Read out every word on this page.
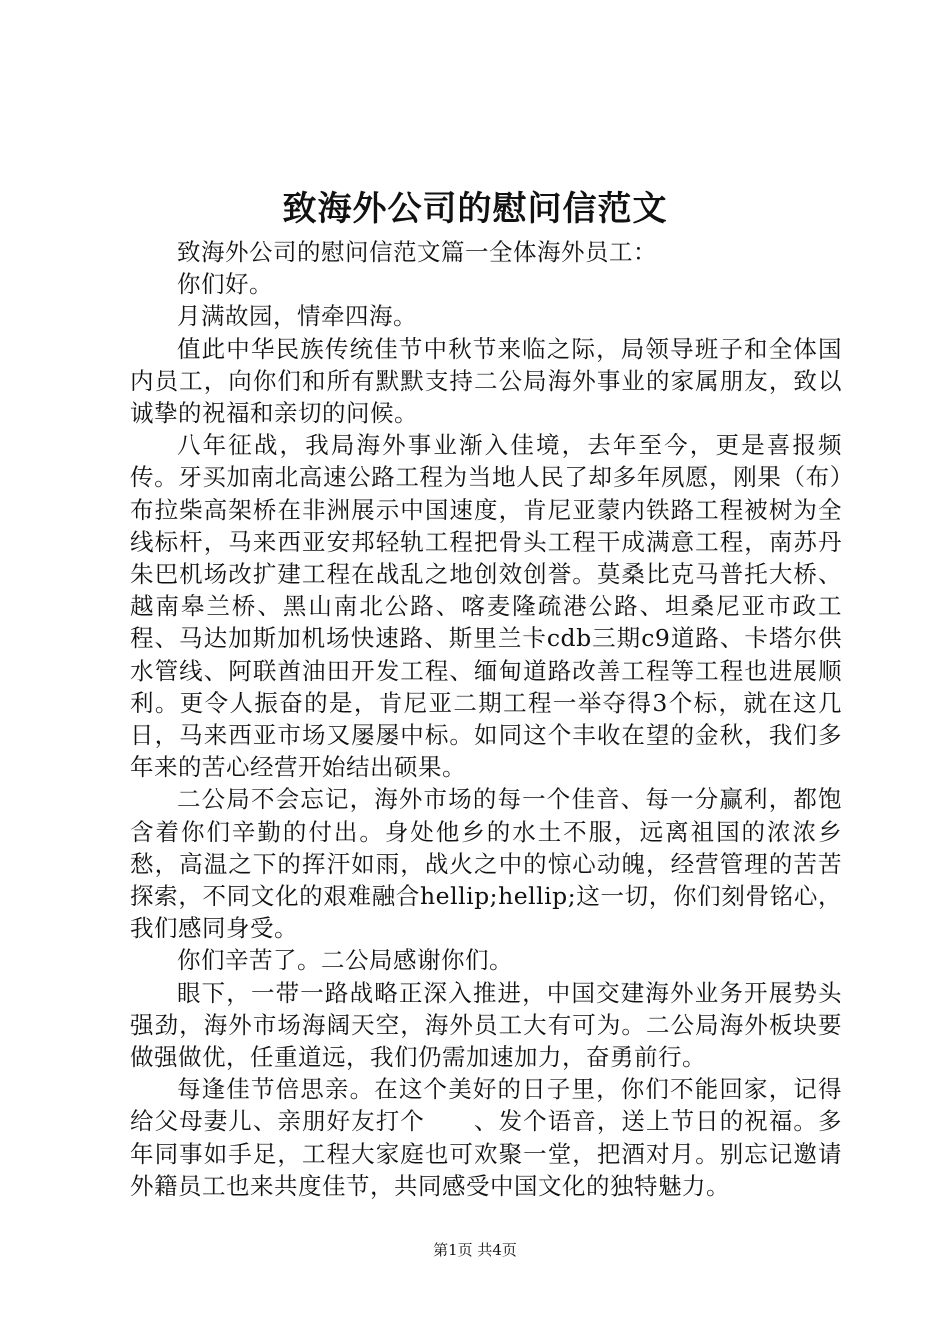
致海外公司的慰问信范文

致海外公司的慰问信范文篇一全体海外员工：

你们好。

月满故园，情牵四海。

值此中华民族传统佳节中秋节来临之际，局领导班子和全体国内员工，向你们和所有默默支持二公局海外事业的家属朋友，致以诚挚的祝福和亲切的问候。

八年征战，我局海外事业渐入佳境，去年至今，更是喜报频传。牙买加南北高速公路工程为当地人民了却多年夙愿，刚果（布）布拉柴高架桥在非洲展示中国速度，肯尼亚蒙内铁路工程被树为全线标杆，马来西亚安邦轻轨工程把骨头工程干成满意工程，南苏丹朱巴机场改扩建工程在战乱之地创效创誉。莫桑比克马普托大桥、越南皋兰桥、黑山南北公路、喀麦隆疏港公路、坦桑尼亚市政工程、马达加斯加机场快速路、斯里兰卡cdb三期c9道路、卡塔尔供水管线、阿联酋油田开发工程、缅甸道路改善工程等工程也进展顺利。更令人振奋的是，肯尼亚二期工程一举夺得3个标，就在这几日，马来西亚市场又屡屡中标。如同这个丰收在望的金秋，我们多年来的苦心经营开始结出硕果。

二公局不会忘记，海外市场的每一个佳音、每一分赢利，都饱含着你们辛勤的付出。身处他乡的水土不服，远离祖国的浓浓乡愁，高温之下的挥汗如雨，战火之中的惊心动魄，经营管理的苦苦探索，不同文化的艰难融合hellip;hellip;这一切，你们刻骨铭心，我们感同身受。

你们辛苦了。二公局感谢你们。

眼下，一带一路战略正深入推进，中国交建海外业务开展势头强劲，海外市场海阔天空，海外员工大有可为。二公局海外板块要做强做优，任重道远，我们仍需加速加力，奋勇前行。

每逢佳节倍思亲。在这个美好的日子里，你们不能回家，记得给父母妻儿、亲朋好友打个　　、发个语音，送上节日的祝福。多年同事如手足，工程大家庭也可欢聚一堂，把酒对月。别忘记邀请外籍员工也来共度佳节，共同感受中国文化的独特魅力。

第1页 共4页
